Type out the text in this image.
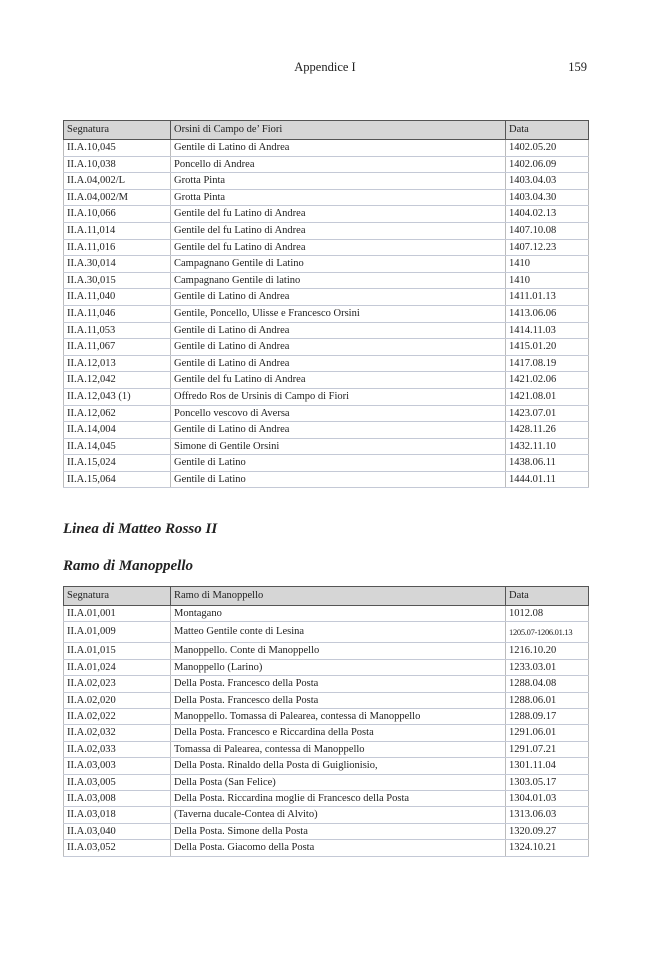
Appendice I	159
Segnatura	Orsini di Campo de’ Fiori	Data
II.A.10,045	Gentile di Latino di Andrea	1402.05.20
II.A.10,038	Poncello di Andrea	1402.06.09
II.A.04,002/L	Grotta Pinta	1403.04.03
II.A.04,002/M	Grotta Pinta	1403.04.30
II.A.10,066	Gentile del fu Latino di Andrea	1404.02.13
II.A.11,014	Gentile del fu Latino di Andrea	1407.10.08
II.A.11,016	Gentile del fu Latino di Andrea	1407.12.23
II.A.30,014	Campagnano Gentile di Latino	1410
II.A.30,015	Campagnano Gentile di latino	1410
II.A.11,040	Gentile di Latino di Andrea	1411.01.13
II.A.11,046	Gentile, Poncello, Ulisse e Francesco Orsini	1413.06.06
II.A.11,053	Gentile di Latino di Andrea	1414.11.03
II.A.11,067	Gentile di Latino di Andrea	1415.01.20
II.A.12,013	Gentile di Latino di Andrea	1417.08.19
II.A.12,042	Gentile del fu Latino di Andrea	1421.02.06
II.A.12,043 (1)	Offredo Ros de Ursinis di Campo di Fiori	1421.08.01
II.A.12,062	Poncello vescovo di Aversa	1423.07.01
II.A.14,004	Gentile di Latino di Andrea	1428.11.26
II.A.14,045	Simone di Gentile Orsini	1432.11.10
II.A.15,024	Gentile di Latino	1438.06.11
II.A.15,064	Gentile di Latino	1444.01.11
Linea di Matteo Rosso II
Ramo di Manoppello
Segnatura	Ramo di Manoppello	Data
II.A.01,001	Montagano	1012.08
II.A.01,009	Matteo Gentile conte di Lesina	1205.07-1206.01.13
II.A.01,015	Manoppello. Conte di Manoppello	1216.10.20
II.A.01,024	Manoppello (Larino)	1233.03.01
II.A.02,023	Della Posta. Francesco della Posta	1288.04.08
II.A.02,020	Della Posta. Francesco della Posta	1288.06.01
II.A.02,022	Manoppello. Tomassa di Palearea, contessa di Manoppello	1288.09.17
II.A.02,032	Della Posta. Francesco e Riccardina della Posta	1291.06.01
II.A.02,033	Tomassa di Palearea, contessa di Manoppello	1291.07.21
II.A.03,003	Della Posta. Rinaldo della Posta di Guiglionisio,	1301.11.04
II.A.03,005	Della Posta (San Felice)	1303.05.17
II.A.03,008	Della Posta. Riccardina moglie di Francesco della Posta	1304.01.03
II.A.03,018	(Taverna ducale-Contea di Alvito)	1313.06.03
II.A.03,040	Della Posta. Simone della Posta	1320.09.27
II.A.03,052	Della Posta. Giacomo della Posta	1324.10.21
